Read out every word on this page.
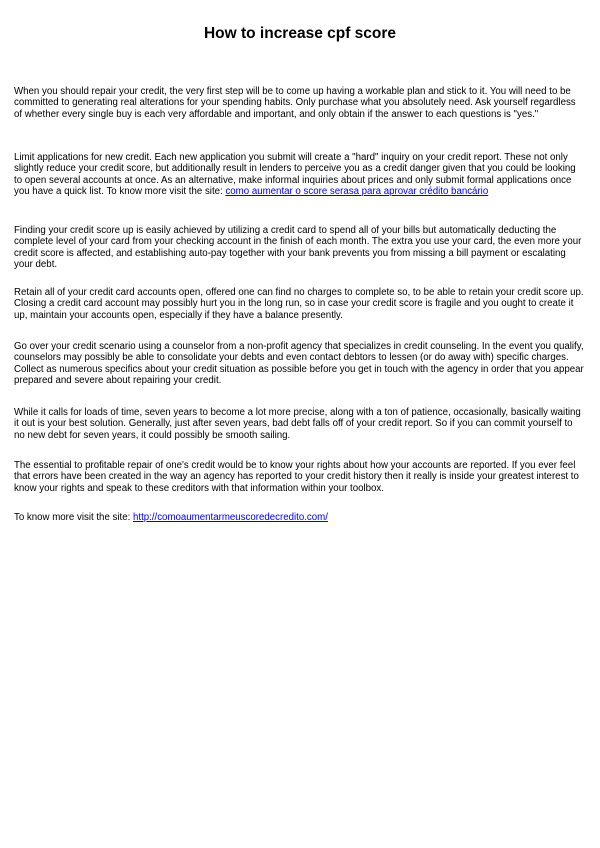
How to increase cpf score

When you should repair your credit, the very first step will be to come up having a workable plan and stick to it. You will need to be committed to generating real alterations for your spending habits. Only purchase what you absolutely need. Ask yourself regardless of whether every single buy is each very affordable and important, and only obtain if the answer to each questions is "yes."

Limit applications for new credit. Each new application you submit will create a "hard" inquiry on your credit report. These not only slightly reduce your credit score, but additionally result in lenders to perceive you as a credit danger given that you could be looking to open several accounts at once. As an alternative, make informal inquiries about prices and only submit formal applications once you have a quick list. To know more visit the site: como aumentar o score serasa para aprovar crédito bancário

Finding your credit score up is easily achieved by utilizing a credit card to spend all of your bills but automatically deducting the complete level of your card from your checking account in the finish of each month. The extra you use your card, the even more your credit score is affected, and establishing auto-pay together with your bank prevents you from missing a bill payment or escalating your debt.

Retain all of your credit card accounts open, offered one can find no charges to complete so, to be able to retain your credit score up. Closing a credit card account may possibly hurt you in the long run, so in case your credit score is fragile and you ought to create it up, maintain your accounts open, especially if they have a balance presently.

Go over your credit scenario using a counselor from a non-profit agency that specializes in credit counseling. In the event you qualify, counselors may possibly be able to consolidate your debts and even contact debtors to lessen (or do away with) specific charges. Collect as numerous specifics about your credit situation as possible before you get in touch with the agency in order that you appear prepared and severe about repairing your credit.

While it calls for loads of time, seven years to become a lot more precise, along with a ton of patience, occasionally, basically waiting it out is your best solution. Generally, just after seven years, bad debt falls off of your credit report. So if you can commit yourself to no new debt for seven years, it could possibly be smooth sailing.

The essential to profitable repair of one's credit would be to know your rights about how your accounts are reported. If you ever feel that errors have been created in the way an agency has reported to your credit history then it really is inside your greatest interest to know your rights and speak to these creditors with that information within your toolbox.

To know more visit the site: http://comoaumentarmeuscoredecredito.com/
